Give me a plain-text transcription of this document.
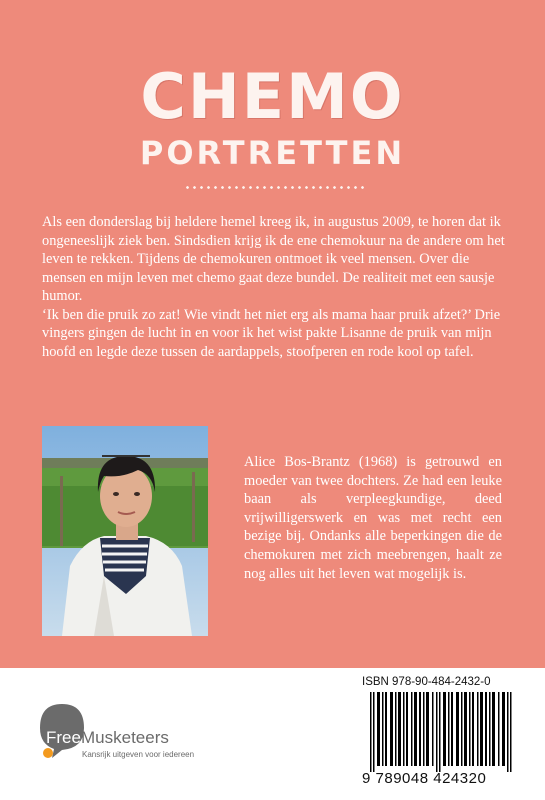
CHEMO
PORTRETTEN

Als een donderslag bij heldere hemel kreeg ik, in augustus 2009, te horen dat ik ongeneeslijk ziek ben. Sindsdien krijg ik de ene chemokuur na de andere om het leven te rekken. Tijdens de chemokuren ontmoet ik veel mensen. Over die mensen en mijn leven met chemo gaat deze bundel. De realiteit met een sausje humor.

‘Ik ben die pruik zo zat! Wie vindt het niet erg als mama haar pruik afzet?’ Drie vingers gingen de lucht in en voor ik het wist pakte Lisanne de pruik van mijn hoofd en legde deze tussen de aardappels, stoofperen en rode kool op tafel.

Alice Bos-Brantz (1968) is getrouwd en moeder van twee dochters. Ze had een leuke baan als verpleegkundige, deed vrijwilligerswerk en was met recht een bezige bij. Ondanks alle beperkingen die de chemokuren met zich meebrengen, haalt ze nog alles uit het leven wat mogelijk is.
Free Musketeers
Kansrijk uitgeven voor iedereen
ISBN 978-90-484-2432-0
9 789048 424320
